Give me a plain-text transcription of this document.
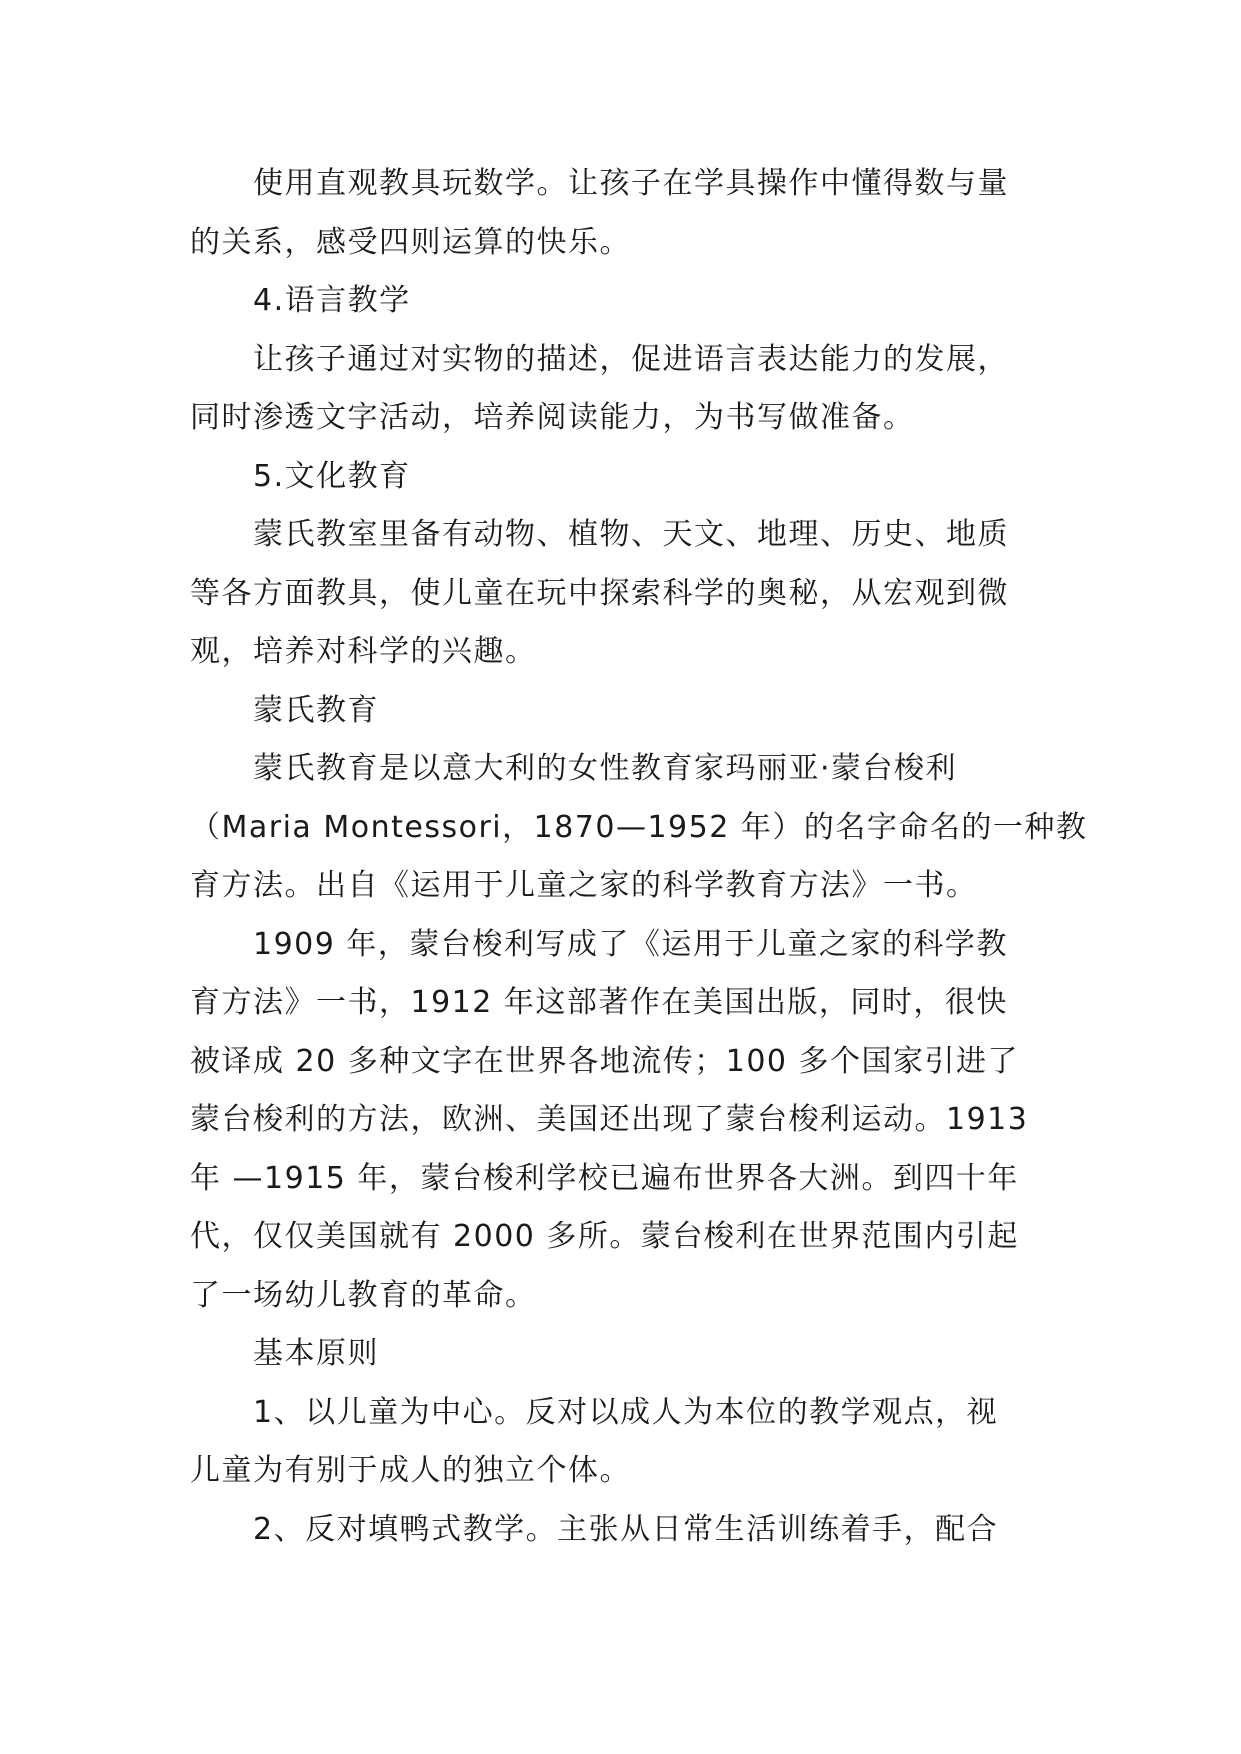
使用直观教具玩数学。让孩子在学具操作中懂得数与量
的关系，感受四则运算的快乐。
4.语言教学
让孩子通过对实物的描述，促进语言表达能力的发展，
同时渗透文字活动，培养阅读能力，为书写做准备。
5.文化教育
蒙氏教室里备有动物、植物、天文、地理、历史、地质
等各方面教具，使儿童在玩中探索科学的奥秘，从宏观到微
观，培养对科学的兴趣。
蒙氏教育
蒙氏教育是以意大利的女性教育家玛丽亚·蒙台梭利
（Maria Montessori，1870—1952 年）的名字命名的一种教
育方法。出自《运用于儿童之家的科学教育方法》一书。
1909 年，蒙台梭利写成了《运用于儿童之家的科学教
育方法》一书，1912 年这部著作在美国出版，同时，很快
被译成 20 多种文字在世界各地流传；100 多个国家引进了
蒙台梭利的方法，欧洲、美国还出现了蒙台梭利运动。1913
年 —1915 年，蒙台梭利学校已遍布世界各大洲。到四十年
代，仅仅美国就有 2000 多所。蒙台梭利在世界范围内引起
了一场幼儿教育的革命。
基本原则
1、以儿童为中心。反对以成人为本位的教学观点，视
儿童为有别于成人的独立个体。
2、反对填鸭式教学。主张从日常生活训练着手，配合
